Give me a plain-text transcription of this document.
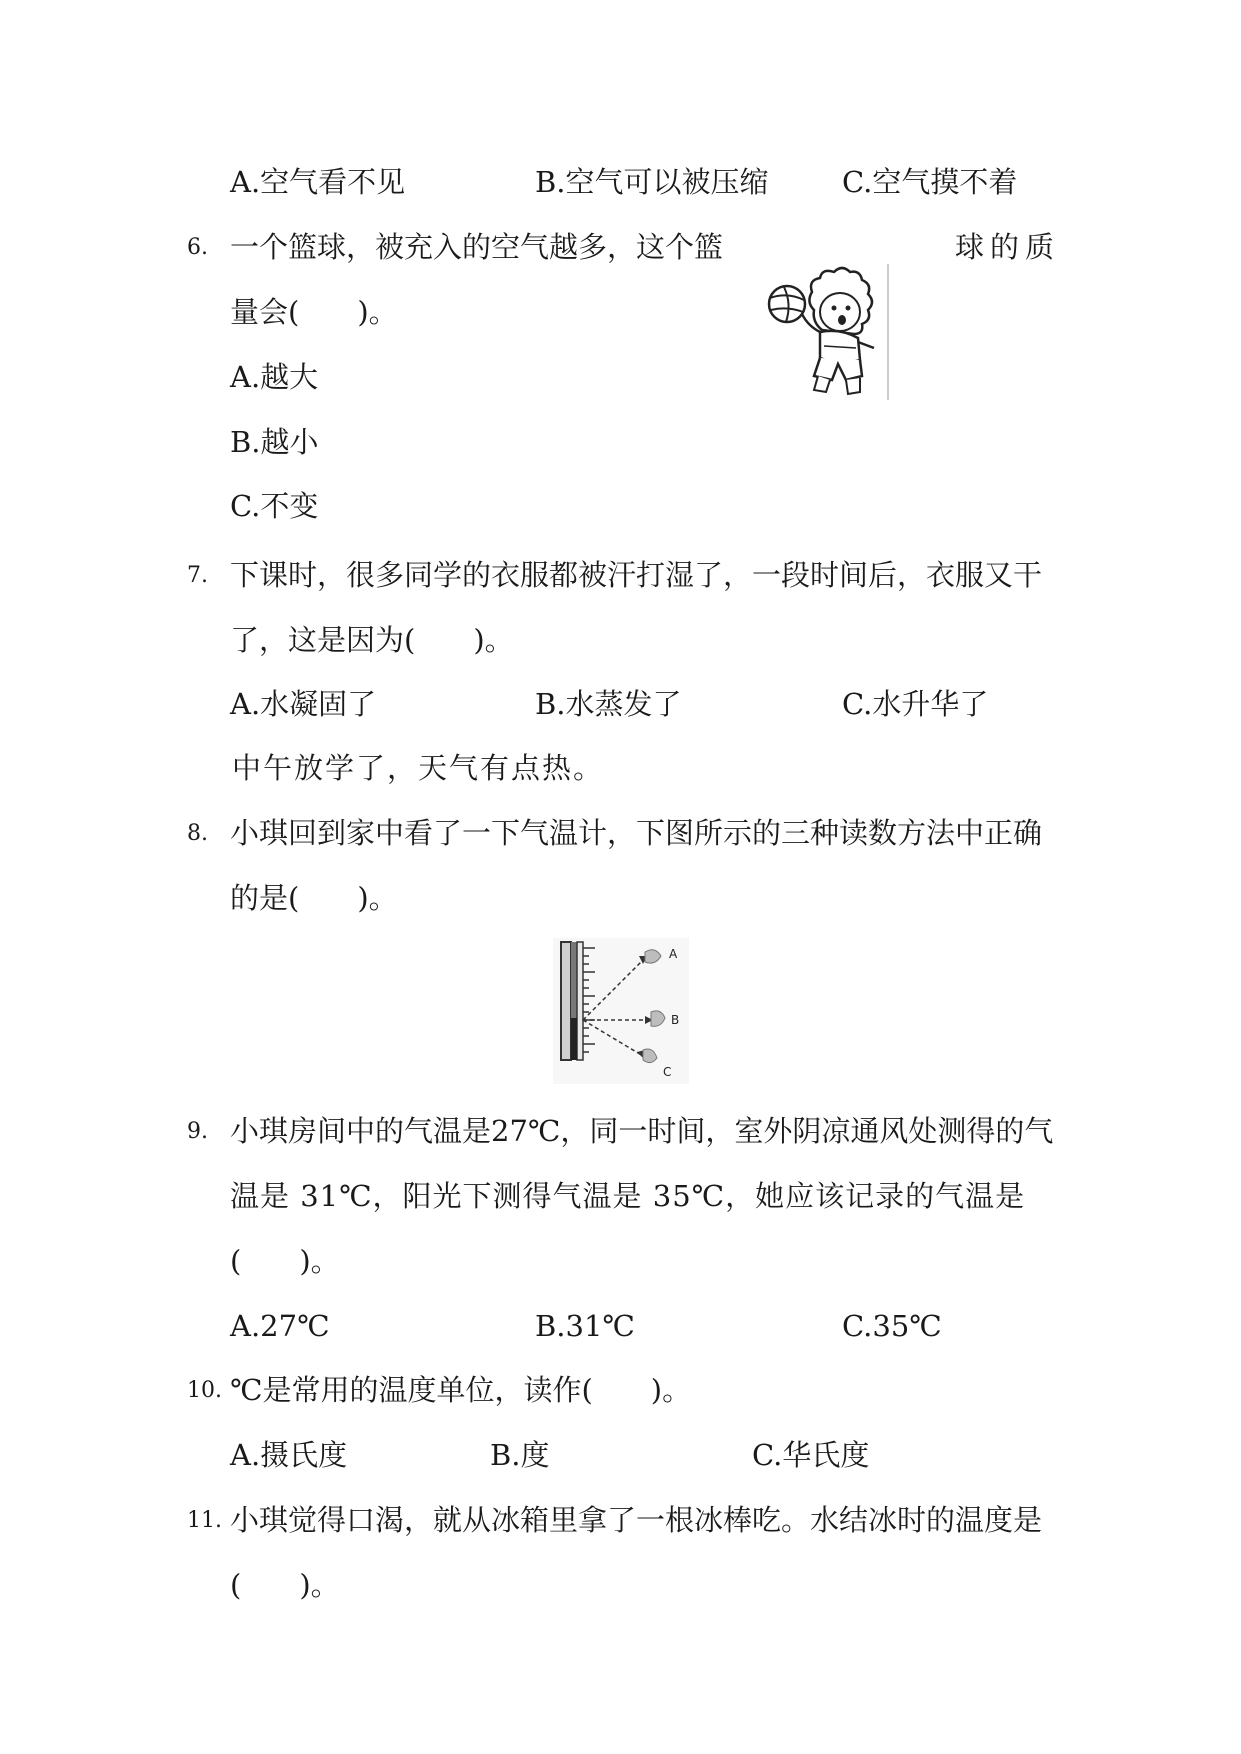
A.空气看不见	B.空气可以被压缩	C.空气摸不着
6. 一个篮球，被充入的空气越多，这个篮	球的质
量会(　　)。
A.越大
B.越小
C.不变
7. 下课时，很多同学的衣服都被汗打湿了，一段时间后，衣服又干
了，这是因为(　　)。
A.水凝固了	B.水蒸发了	C.水升华了
中午放学了，天气有点热。
8. 小琪回到家中看了一下气温计，下图所示的三种读数方法中正确
的是(　　)。
A
B
C
9. 小琪房间中的气温是27℃，同一时间，室外阴凉通风处测得的气
温是 31℃，阳光下测得气温是 35℃，她应该记录的气温是
(　　)。
A.27℃	B.31℃	C.35℃
10. ℃是常用的温度单位，读作(　　)。
A.摄氏度	B.度	C.华氏度
11. 小琪觉得口渴，就从冰箱里拿了一根冰棒吃。水结冰时的温度是
(　　)。
